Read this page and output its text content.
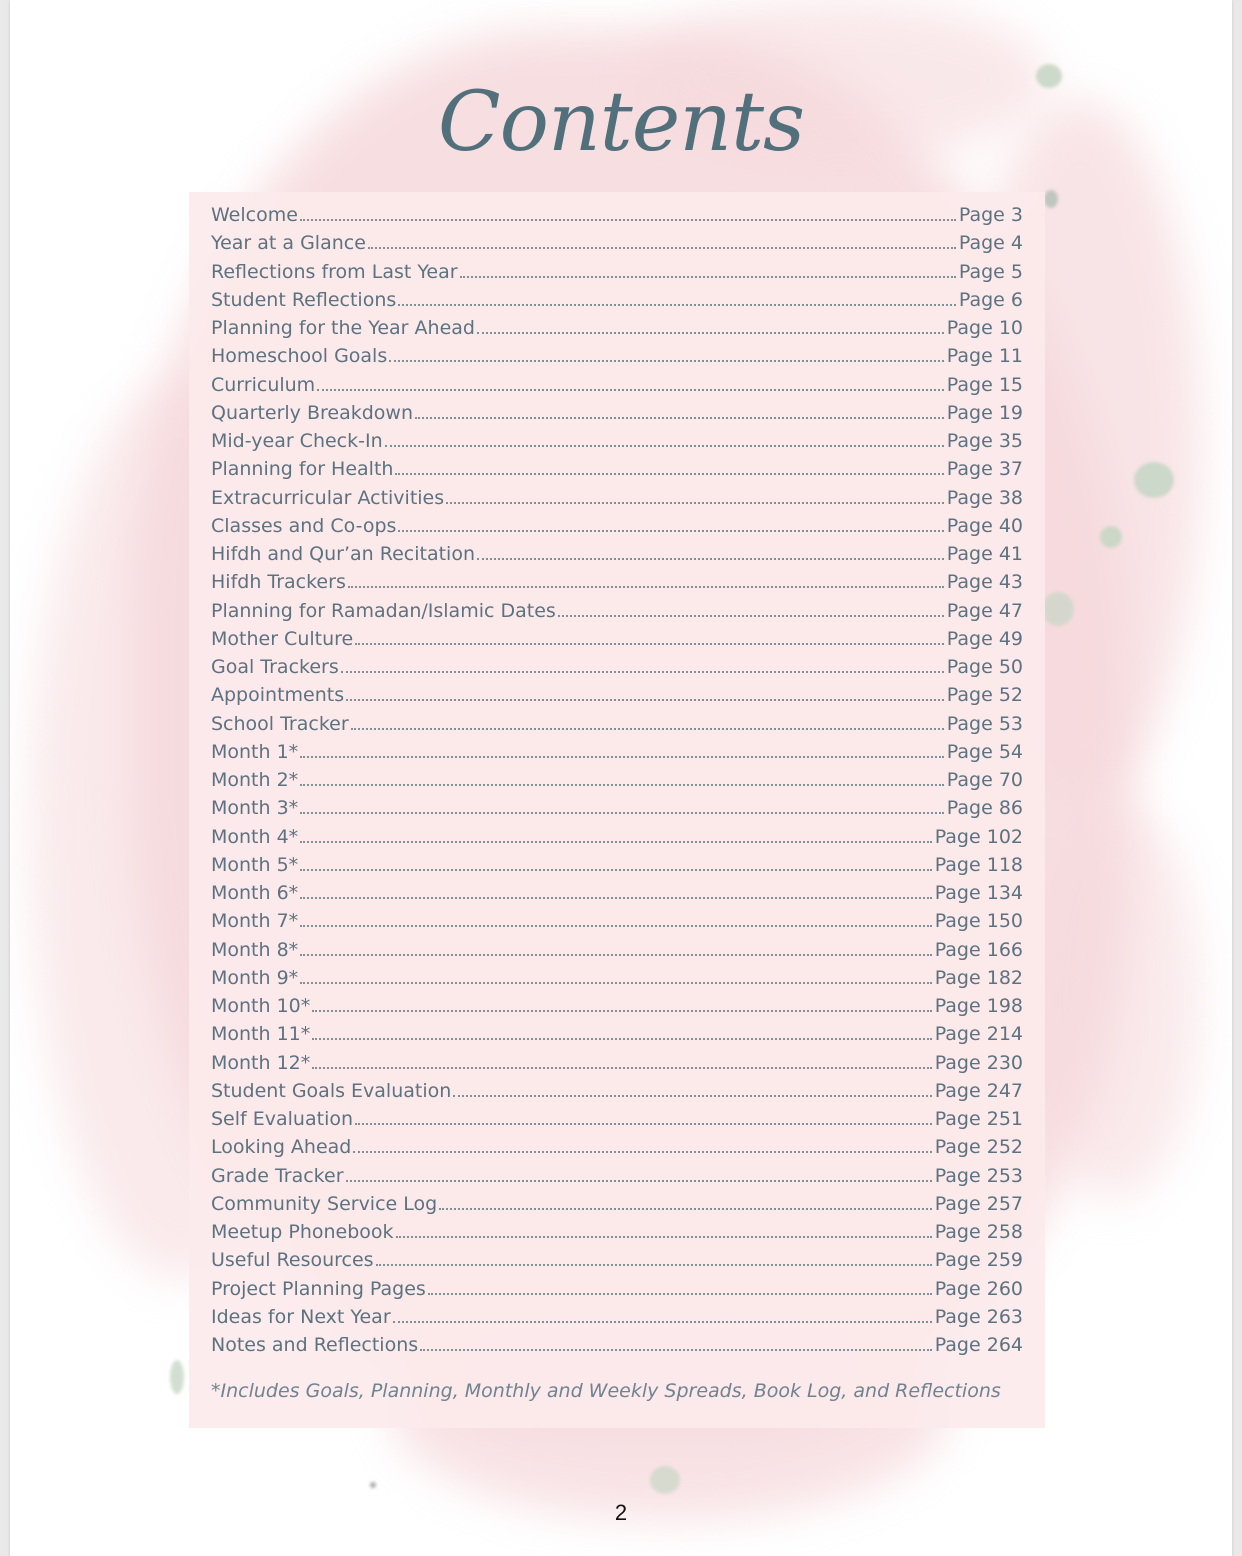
Contents
Welcome	Page 3
Year at a Glance	Page 4
Reflections from Last Year	Page 5
Student Reflections	Page 6
Planning for the Year Ahead	Page 10
Homeschool Goals	Page 11
Curriculum	Page 15
Quarterly Breakdown	Page 19
Mid-year Check-In	Page 35
Planning for Health	Page 37
Extracurricular Activities	Page 38
Classes and Co-ops	Page 40
Hifdh and Qur’an Recitation	Page 41
Hifdh Trackers	Page 43
Planning for Ramadan/Islamic Dates	Page 47
Mother Culture	Page 49
Goal Trackers	Page 50
Appointments	Page 52
School Tracker	Page 53
Month 1*	Page 54
Month 2*	Page 70
Month 3*	Page 86
Month 4*	Page 102
Month 5*	Page 118
Month 6*	Page 134
Month 7*	Page 150
Month 8*	Page 166
Month 9*	Page 182
Month 10*	Page 198
Month 11*	Page 214
Month 12*	Page 230
Student Goals Evaluation	Page 247
Self Evaluation	Page 251
Looking Ahead	Page 252
Grade Tracker	Page 253
Community Service Log	Page 257
Meetup Phonebook	Page 258
Useful Resources	Page 259
Project Planning Pages	Page 260
Ideas for Next Year	Page 263
Notes and Reflections	Page 264
*Includes Goals, Planning, Monthly and Weekly Spreads, Book Log, and Reflections
2
